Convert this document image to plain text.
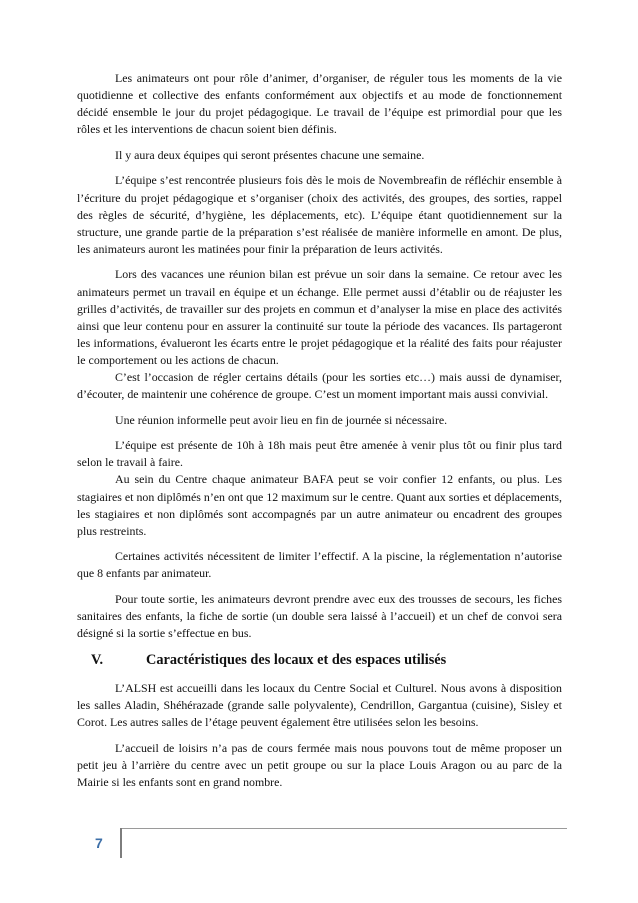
Les animateurs ont pour rôle d’animer, d’organiser, de réguler tous les moments de la vie quotidienne et collective des enfants conformément aux objectifs et au mode de fonctionnement décidé ensemble le jour du projet pédagogique. Le travail de l’équipe est primordial pour que les rôles et les interventions de chacun soient bien définis.

Il y aura deux équipes qui seront présentes chacune une semaine.

L’équipe s’est rencontrée plusieurs fois dès le mois de Novembreafin de réfléchir ensemble à l’écriture du projet pédagogique et s’organiser (choix des activités, des groupes, des sorties, rappel des règles de sécurité, d’hygiène, les déplacements, etc). L’équipe étant quotidiennement sur la structure, une grande partie de la préparation s’est réalisée de manière informelle en amont. De plus, les animateurs auront les matinées pour finir la préparation de leurs activités.

Lors des vacances une réunion bilan est prévue un soir dans la semaine. Ce retour avec les animateurs permet un travail en équipe et un échange. Elle permet aussi d’établir ou de réajuster les grilles d’activités, de travailler sur des projets en commun et d’analyser la mise en place des activités ainsi que leur contenu pour en assurer la continuité sur toute la période des vacances. Ils partageront les informations, évalueront les écarts entre le projet pédagogique et la réalité des faits pour réajuster le comportement ou les actions de chacun.

C’est l’occasion de régler certains détails (pour les sorties etc…) mais aussi de dynamiser, d’écouter, de maintenir une cohérence de groupe. C’est un moment important mais aussi convivial.

Une réunion informelle peut avoir lieu en fin de journée si nécessaire.

L’équipe est présente de 10h à 18h mais peut être amenée à venir plus tôt ou finir plus tard selon le travail à faire.

Au sein du Centre chaque animateur BAFA peut se voir confier 12 enfants, ou plus. Les stagiaires et non diplômés n’en ont que 12 maximum sur le centre. Quant aux sorties et déplacements, les stagiaires et non diplômés sont accompagnés par un autre animateur ou encadrent des groupes plus restreints.

Certaines activités nécessitent de limiter l’effectif. A la piscine, la réglementation n’autorise que 8 enfants par animateur.

Pour toute sortie, les animateurs devront prendre avec eux des trousses de secours, les fiches sanitaires des enfants, la fiche de sortie (un double sera laissé à l’accueil) et un chef de convoi sera désigné si la sortie s’effectue en bus.

V.	Caractéristiques des locaux et des espaces utilisés

L’ALSH est accueilli dans les locaux du Centre Social et Culturel. Nous avons à disposition les salles Aladin, Shéhérazade (grande salle polyvalente), Cendrillon, Gargantua (cuisine), Sisley et Corot. Les autres salles de l’étage peuvent également être utilisées selon les besoins.

L’accueil de loisirs n’a pas de cours fermée mais nous pouvons tout de même proposer un petit jeu à l’arrière du centre avec un petit groupe ou sur la place Louis Aragon ou au parc de la Mairie si les enfants sont en grand nombre.

7
